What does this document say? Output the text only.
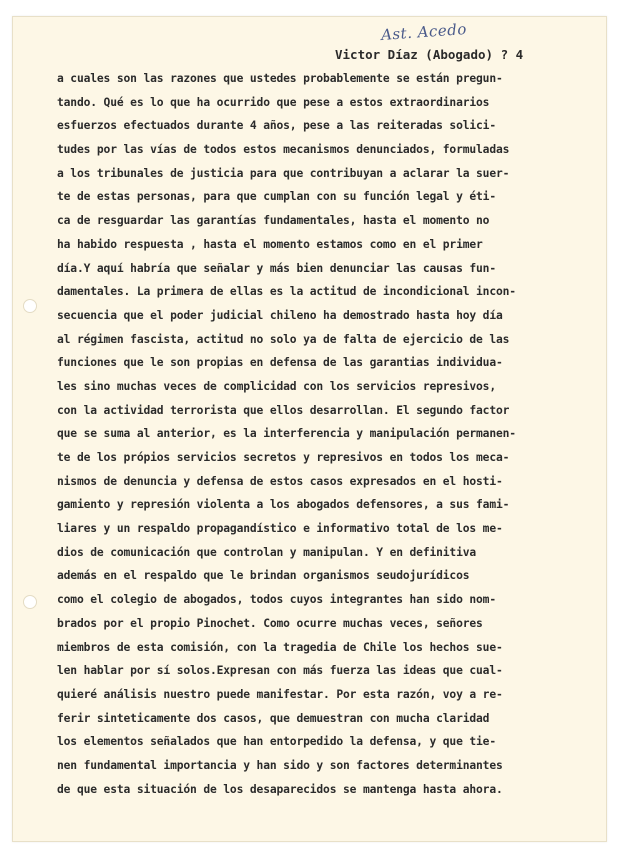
Ast. Acedo
Victor Díaz (Abogado) ? 4
a cuales son las razones que ustedes probablemente se están pregun-
tando. Qué es lo que ha ocurrido que pese a estos extraordinarios
esfuerzos efectuados durante 4 años, pese a las reiteradas solici-
tudes por las vías de todos estos mecanismos denunciados, formuladas
a los tribunales de justicia para que contribuyan a aclarar la suer-
te de estas personas, para que cumplan con su función legal y éti-
ca de resguardar las garantías fundamentales, hasta el momento no
ha habido respuesta , hasta el momento estamos como en el primer
día.Y aquí habría que señalar y más bien denunciar las causas fun-
damentales. La primera de ellas es la actitud de incondicional incon-
secuencia que el poder judicial chileno ha demostrado hasta hoy día
al régimen fascista, actitud no solo ya de falta de ejercicio de las
funciones que le son propias en defensa de las garantias individua-
les sino muchas veces de complicidad con los servicios represivos,
con la actividad terrorista que ellos desarrollan. El segundo factor
que se suma al anterior, es la interferencia y manipulación permanen-
te de los própios servicios secretos y represivos en todos los meca-
nismos de denuncia y defensa de estos casos expresados en el hosti-
gamiento y represión violenta a los abogados defensores, a sus fami-
liares y un respaldo propagandístico e informativo total de los me-
dios de comunicación que controlan y manipulan. Y en definitiva
además en el respaldo que le brindan organismos seudojurídicos
como el colegio de abogados, todos cuyos integrantes han sido nom-
brados por el propio Pinochet. Como ocurre muchas veces, señores
miembros de esta comisión, con la tragedia de Chile los hechos sue-
len hablar por sí solos.Expresan con más fuerza las ideas que cual-
quieré análisis nuestro puede manifestar. Por esta razón, voy a re-
ferir sinteticamente dos casos, que demuestran con mucha claridad
los elementos señalados que han entorpedido la defensa, y que tie-
nen fundamental importancia y han sido y son factores determinantes
de que esta situación de los desaparecidos se mantenga hasta ahora.
